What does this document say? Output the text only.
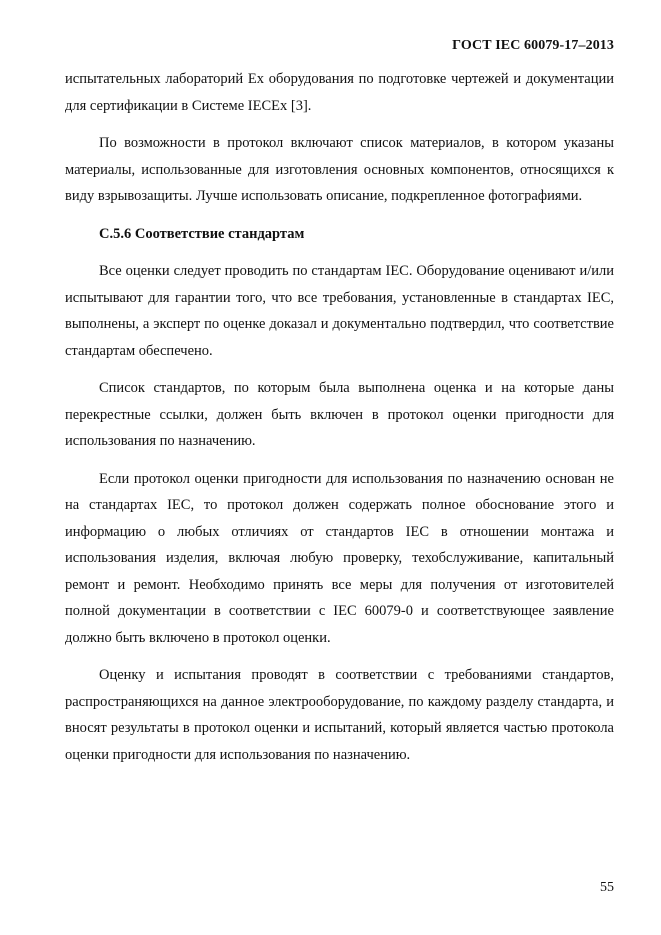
ГОСТ IEC 60079-17–2013

испытательных лабораторий Ex оборудования по подготовке чертежей и документации для сертификации в Системе IECEx [3].

По возможности в протокол включают список материалов, в котором указаны материалы, использованные для изготовления основных компонентов, относящихся к виду взрывозащиты. Лучше использовать описание, подкрепленное фотографиями.

С.5.6 Соответствие стандартам

Все оценки следует проводить по стандартам IEC. Оборудование оценивают и/или испытывают для гарантии того, что все требования, установленные в стандартах IEC, выполнены, а эксперт по оценке доказал и документально подтвердил, что соответствие стандартам обеспечено.

Список стандартов, по которым была выполнена оценка и на которые даны перекрестные ссылки, должен быть включен в протокол оценки пригодности для использования по назначению.

Если протокол оценки пригодности для использования по назначению основан не на стандартах IEC, то протокол должен содержать полное обоснование этого и информацию о любых отличиях от стандартов IEC в отношении монтажа и использования изделия, включая любую проверку, техобслуживание, капитальный ремонт и ремонт. Необходимо принять все меры для получения от изготовителей полной документации в соответствии с IEC 60079-0 и соответствующее заявление должно быть включено в протокол оценки.

Оценку и испытания проводят в соответствии с требованиями стандартов, распространяющихся на данное электрооборудование, по каждому разделу стандарта, и вносят результаты в протокол оценки и испытаний, который является частью протокола оценки пригодности для использования по назначению.

55
